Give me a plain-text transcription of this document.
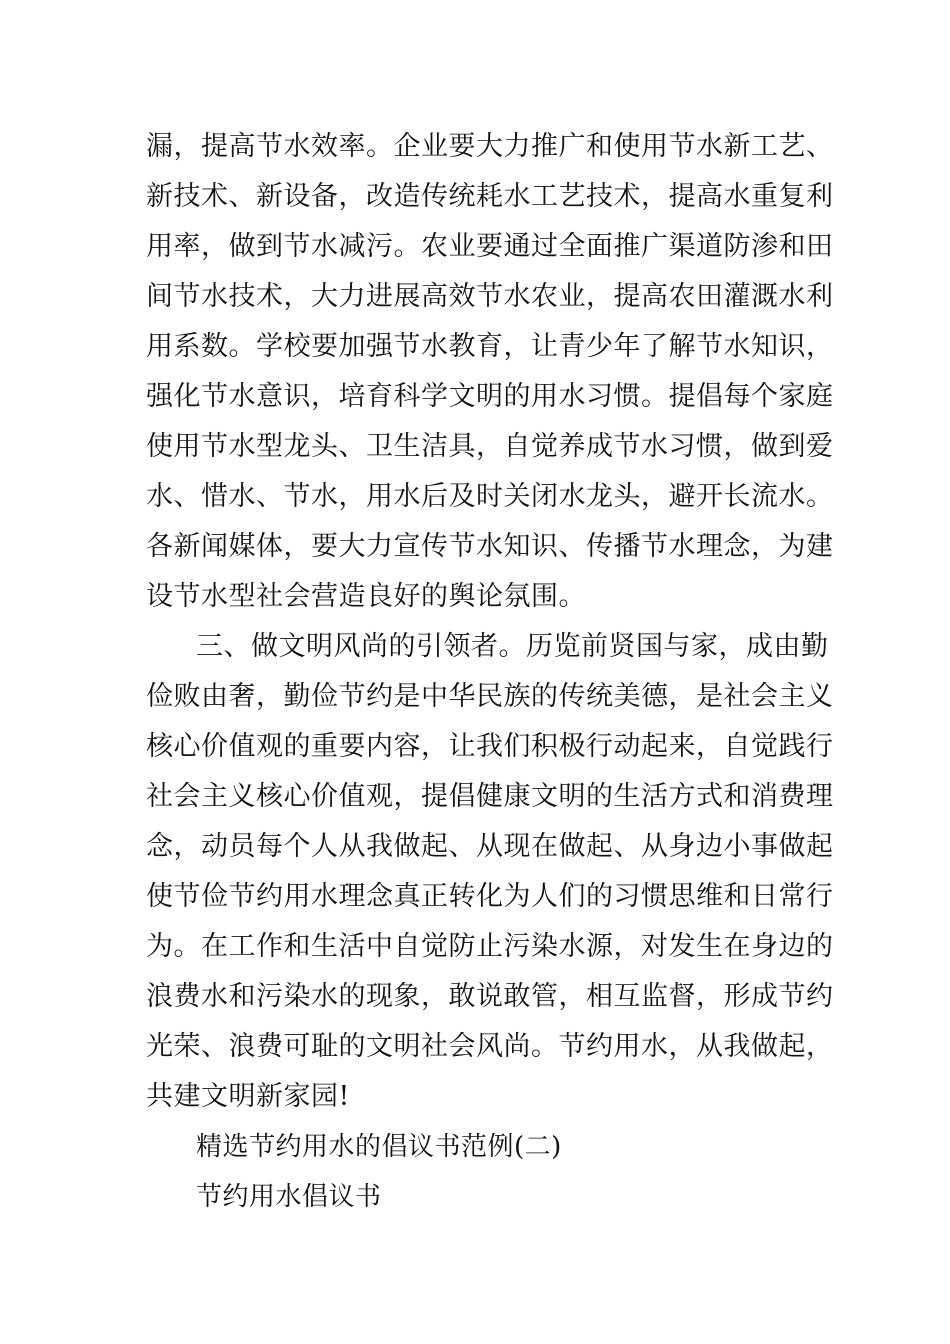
漏，提高节水效率。企业要大力推广和使用节水新工艺、
新技术、新设备，改造传统耗水工艺技术，提高水重复利
用率，做到节水减污。农业要通过全面推广渠道防渗和田
间节水技术，大力进展高效节水农业，提高农田灌溉水利
用系数。学校要加强节水教育，让青少年了解节水知识，
强化节水意识，培育科学文明的用水习惯。提倡每个家庭
使用节水型龙头、卫生洁具，自觉养成节水习惯，做到爱
水、惜水、节水，用水后及时关闭水龙头，避开长流水。
各新闻媒体，要大力宣传节水知识、传播节水理念，为建
设节水型社会营造良好的舆论氛围。
三、做文明风尚的引领者。历览前贤国与家，成由勤
俭败由奢，勤俭节约是中华民族的传统美德，是社会主义
核心价值观的重要内容，让我们积极行动起来，自觉践行
社会主义核心价值观，提倡健康文明的生活方式和消费理
念，动员每个人从我做起、从现在做起、从身边小事做起
使节俭节约用水理念真正转化为人们的习惯思维和日常行
为。在工作和生活中自觉防止污染水源，对发生在身边的
浪费水和污染水的现象，敢说敢管，相互监督，形成节约
光荣、浪费可耻的文明社会风尚。节约用水，从我做起，
共建文明新家园!
精选节约用水的倡议书范例(二)
节约用水倡议书
